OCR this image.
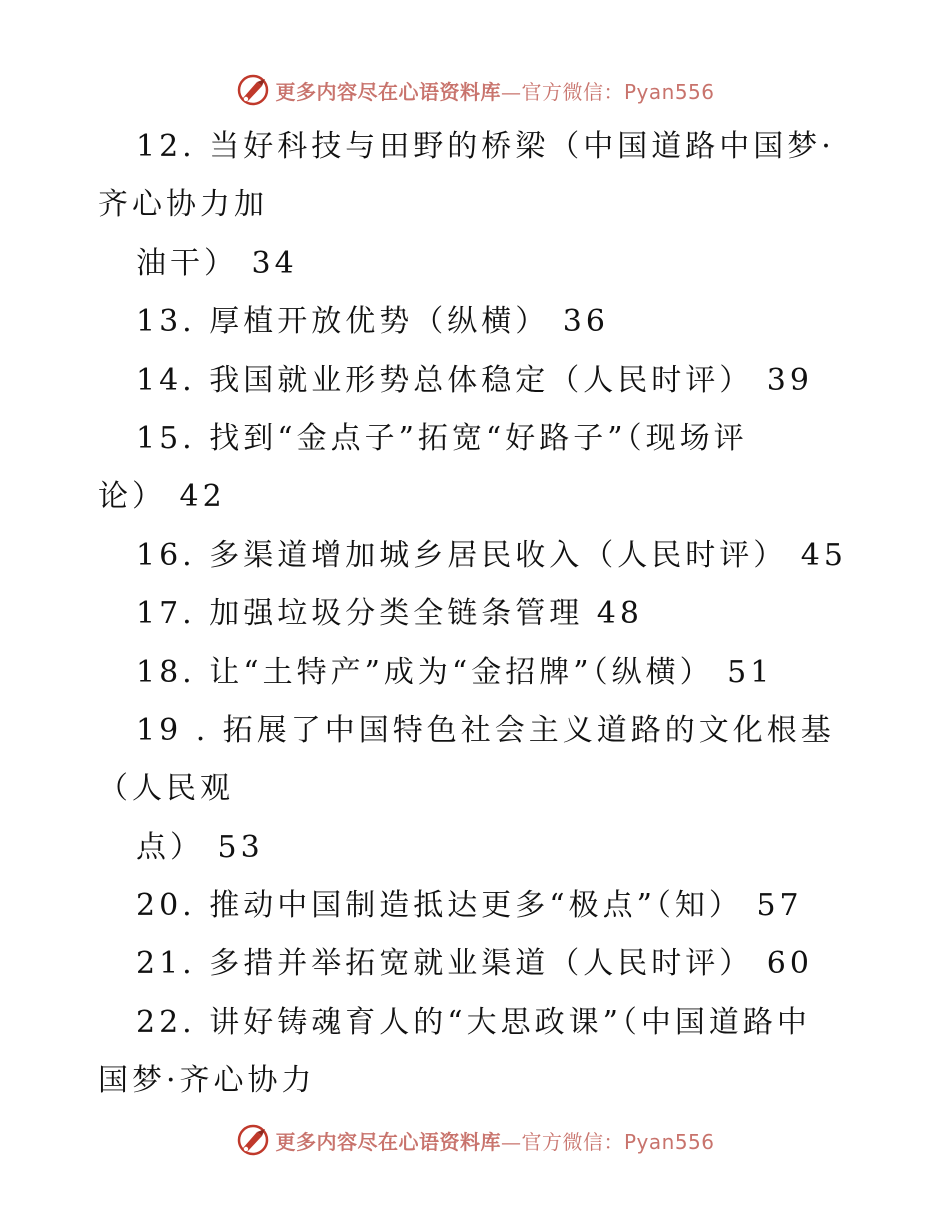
更多内容尽在心语资料库—官方微信：Pyan556
12. 当好科技与田野的桥梁（中国道路中国梦·
齐心协力加
油干） 34
13. 厚植开放优势（纵横） 36
14. 我国就业形势总体稳定（人民时评） 39
15. 找到“金点子”拓宽“好路子”（现场评
论） 42
16. 多渠道增加城乡居民收入（人民时评） 45
17. 加强垃圾分类全链条管理 48
18. 让“土特产”成为“金招牌”（纵横） 51
19 . 拓展了中国特色社会主义道路的文化根基
（人民观
点） 53
20. 推动中国制造抵达更多“极点”（知） 57
21. 多措并举拓宽就业渠道（人民时评） 60
22. 讲好铸魂育人的“大思政课”（中国道路中
国梦·齐心协力
更多内容尽在心语资料库—官方微信：Pyan556
